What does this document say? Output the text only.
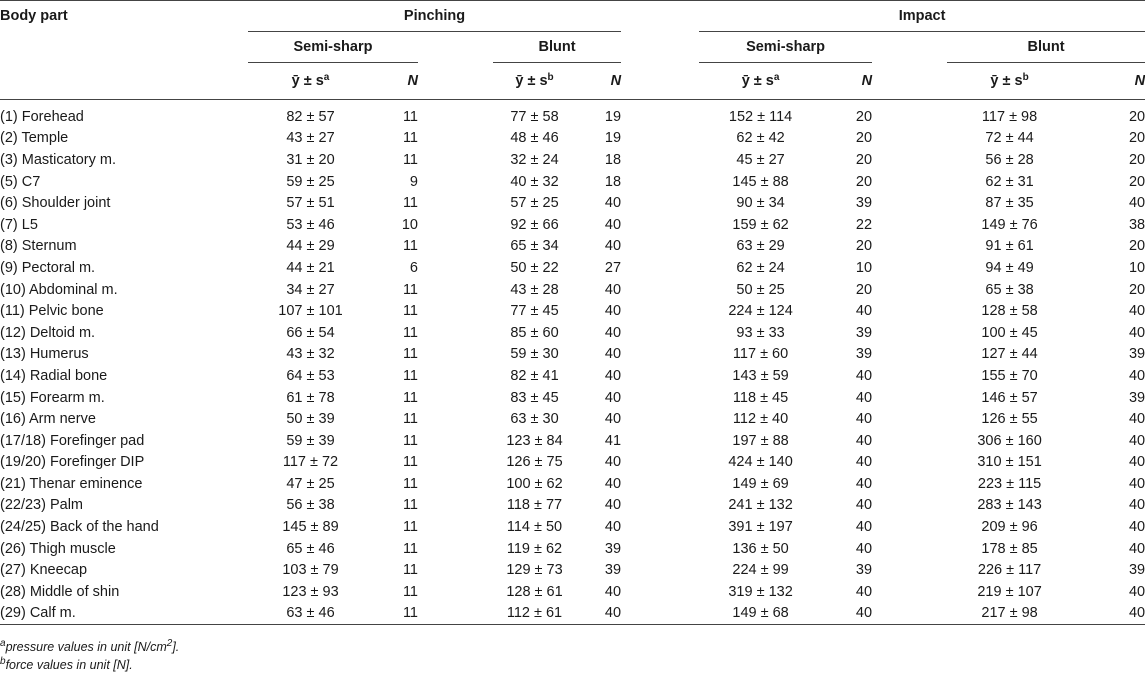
Body part	Pinching						Impact				
	Semi-sharp			Blunt			Semi-sharp			Blunt	
	ȳ ± $s^a$	N		ȳ ± $s^b$	N		ȳ ± $s^a$	N		ȳ ± $s^b$	N
(1) Forehead	82 ± 57	11		77 ± 58	19		152 ± 114	20		117 ± 98	20
(2) Temple	43 ± 27	11		48 ± 46	19		62 ± 42	20		72 ± 44	20
(3) Masticatory m.	31 ± 20	11		32 ± 24	18		45 ± 27	20		56 ± 28	20
(5) C7	59 ± 25	9		40 ± 32	18		145 ± 88	20		62 ± 31	20
(6) Shoulder joint	57 ± 51	11		57 ± 25	40		90 ± 34	39		87 ± 35	40
(7) L5	53 ± 46	10		92 ± 66	40		159 ± 62	22		149 ± 76	38
(8) Sternum	44 ± 29	11		65 ± 34	40		63 ± 29	20		91 ± 61	20
(9) Pectoral m.	44 ± 21	6		50 ± 22	27		62 ± 24	10		94 ± 49	10
(10) Abdominal m.	34 ± 27	11		43 ± 28	40		50 ± 25	20		65 ± 38	20
(11) Pelvic bone	107 ± 101	11		77 ± 45	40		224 ± 124	40		128 ± 58	40
(12) Deltoid m.	66 ± 54	11		85 ± 60	40		93 ± 33	39		100 ± 45	40
(13) Humerus	43 ± 32	11		59 ± 30	40		117 ± 60	39		127 ± 44	39
(14) Radial bone	64 ± 53	11		82 ± 41	40		143 ± 59	40		155 ± 70	40
(15) Forearm m.	61 ± 78	11		83 ± 45	40		118 ± 45	40		146 ± 57	39
(16) Arm nerve	50 ± 39	11		63 ± 30	40		112 ± 40	40		126 ± 55	40
(17/18) Forefinger pad	59 ± 39	11		123 ± 84	41		197 ± 88	40		306 ± 160	40
(19/20) Forefinger DIP	117 ± 72	11		126 ± 75	40		424 ± 140	40		310 ± 151	40
(21) Thenar eminence	47 ± 25	11		100 ± 62	40		149 ± 69	40		223 ± 115	40
(22/23) Palm	56 ± 38	11		118 ± 77	40		241 ± 132	40		283 ± 143	40
(24/25) Back of the hand	145 ± 89	11		114 ± 50	40		391 ± 197	40		209 ± 96	40
(26) Thigh muscle	65 ± 46	11		119 ± 62	39		136 ± 50	40		178 ± 85	40
(27) Kneecap	103 ± 79	11		129 ± 73	39		224 ± 99	39		226 ± 117	39
(28) Middle of shin	123 ± 93	11		128 ± 61	40		319 ± 132	40		219 ± 107	40
(29) Calf m.	63 ± 46	11		112 ± 61	40		149 ± 68	40		217 ± 98	40
$^a$pressure values in unit $[N/cm^2]$.
$^b$force values in unit [N].
